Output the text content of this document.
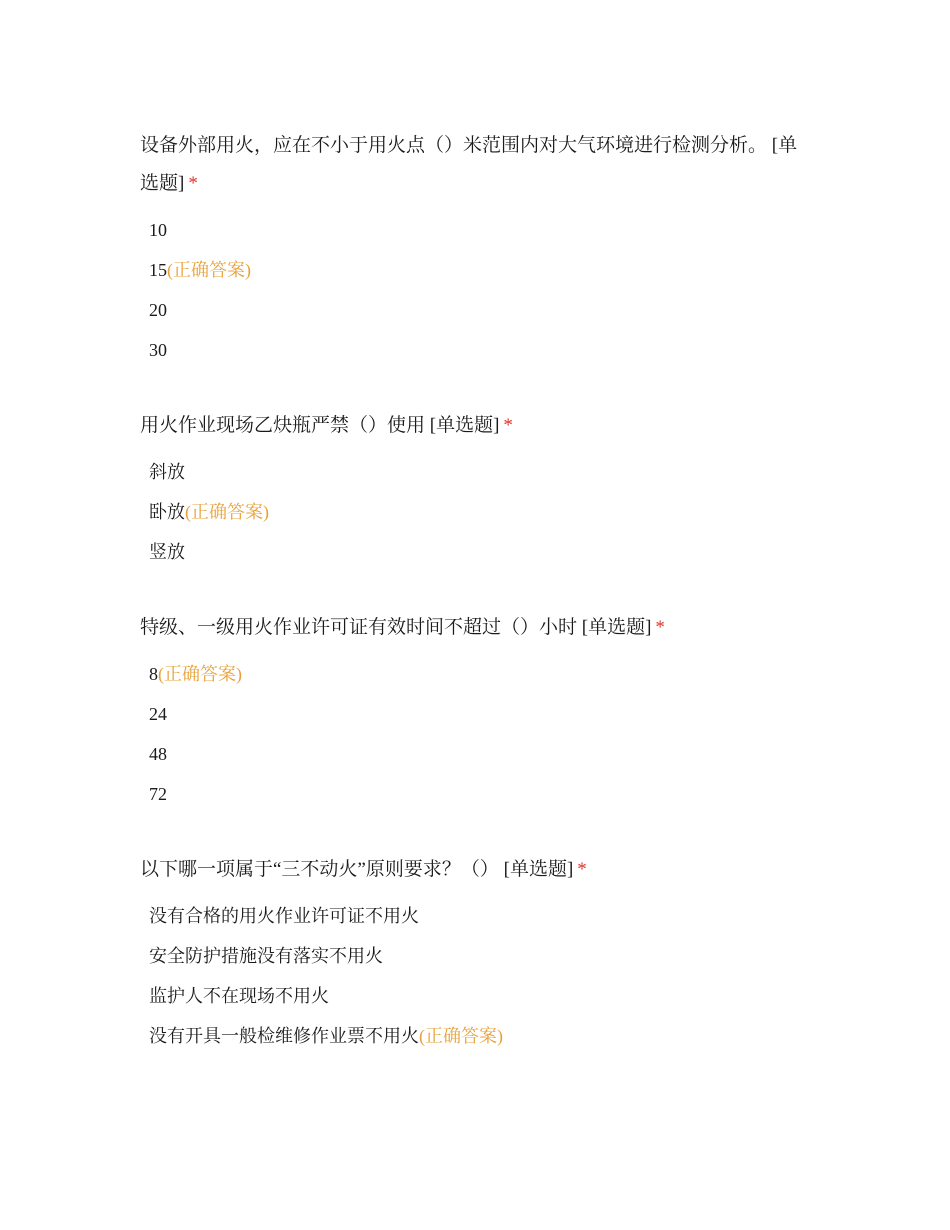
设备外部用火，应在不小于用火点（）米范围内对大气环境进行检测分析。 [单选题] *
10
15(正确答案)
20
30
用火作业现场乙炔瓶严禁（）使用 [单选题] *
斜放
卧放(正确答案)
竖放
特级、一级用火作业许可证有效时间不超过（）小时 [单选题] *
8(正确答案)
24
48
72
以下哪一项属于“三不动火”原则要求？（） [单选题] *
没有合格的用火作业许可证不用火
安全防护措施没有落实不用火
监护人不在现场不用火
没有开具一般检维修作业票不用火(正确答案)
